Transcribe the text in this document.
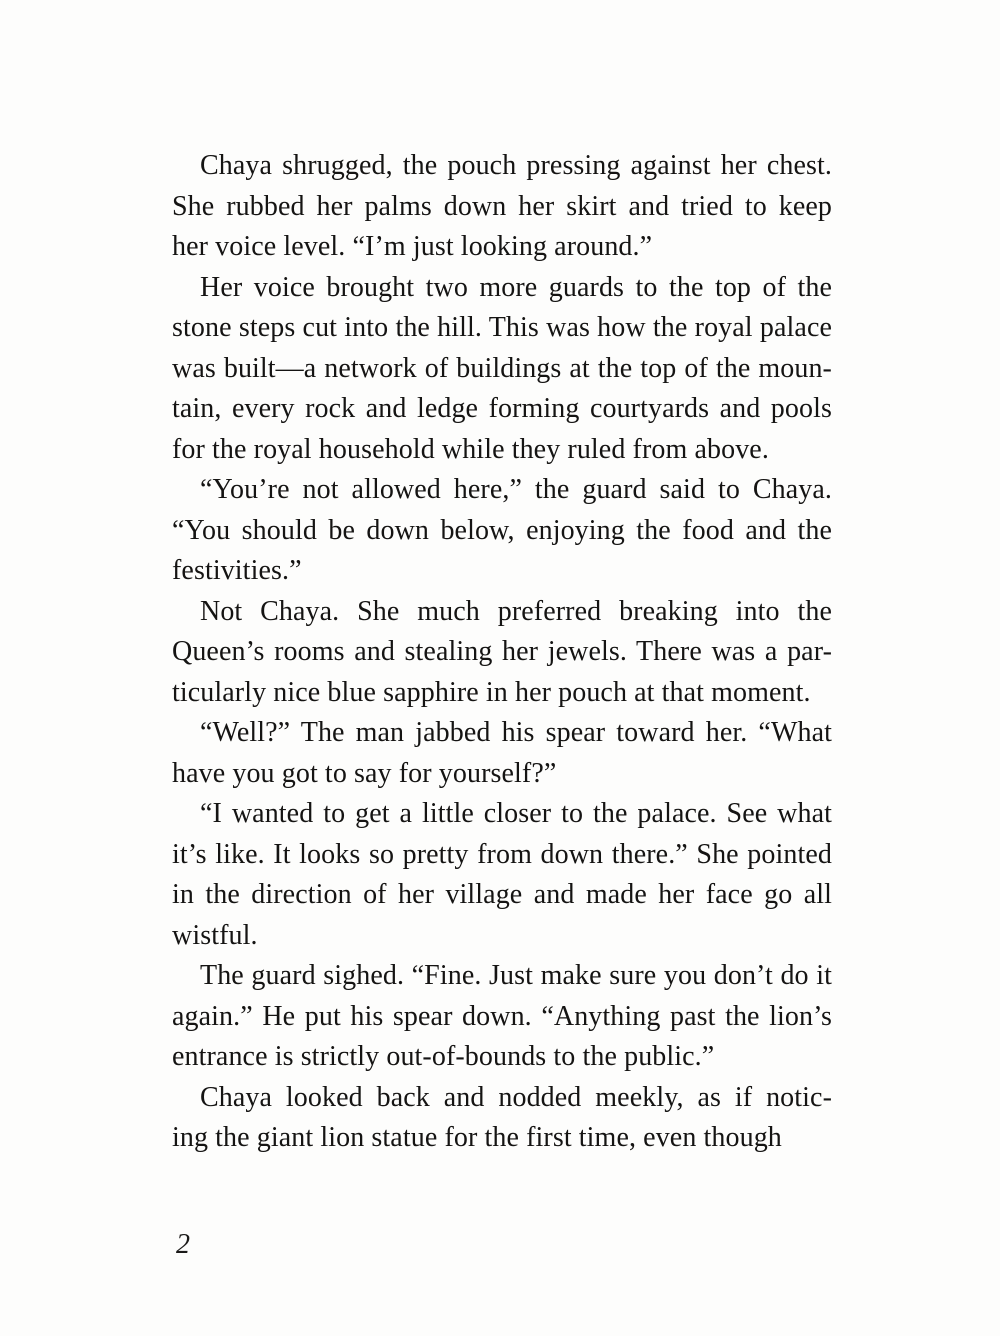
Chaya shrugged, the pouch pressing against her chest.
She rubbed her palms down her skirt and tried to keep
her voice level. “I’m just looking around.”
Her voice brought two more guards to the top of the
stone steps cut into the hill. This was how the royal palace
was built—a network of buildings at the top of the moun-
tain, every rock and ledge forming courtyards and pools
for the royal household while they ruled from above.
“You’re not allowed here,” the guard said to Chaya.
“You should be down below, enjoying the food and the
festivities.”
Not Chaya. She much preferred breaking into the
Queen’s rooms and stealing her jewels. There was a par-
ticularly nice blue sapphire in her pouch at that moment.
“Well?” The man jabbed his spear toward her. “What
have you got to say for yourself?”
“I wanted to get a little closer to the palace. See what
it’s like. It looks so pretty from down there.” She pointed
in the direction of her village and made her face go all
wistful.
The guard sighed. “Fine. Just make sure you don’t do it
again.” He put his spear down. “Anything past the lion’s
entrance is strictly out-of-bounds to the public.”
Chaya looked back and nodded meekly, as if notic-
ing the giant lion statue for the first time, even though
2
